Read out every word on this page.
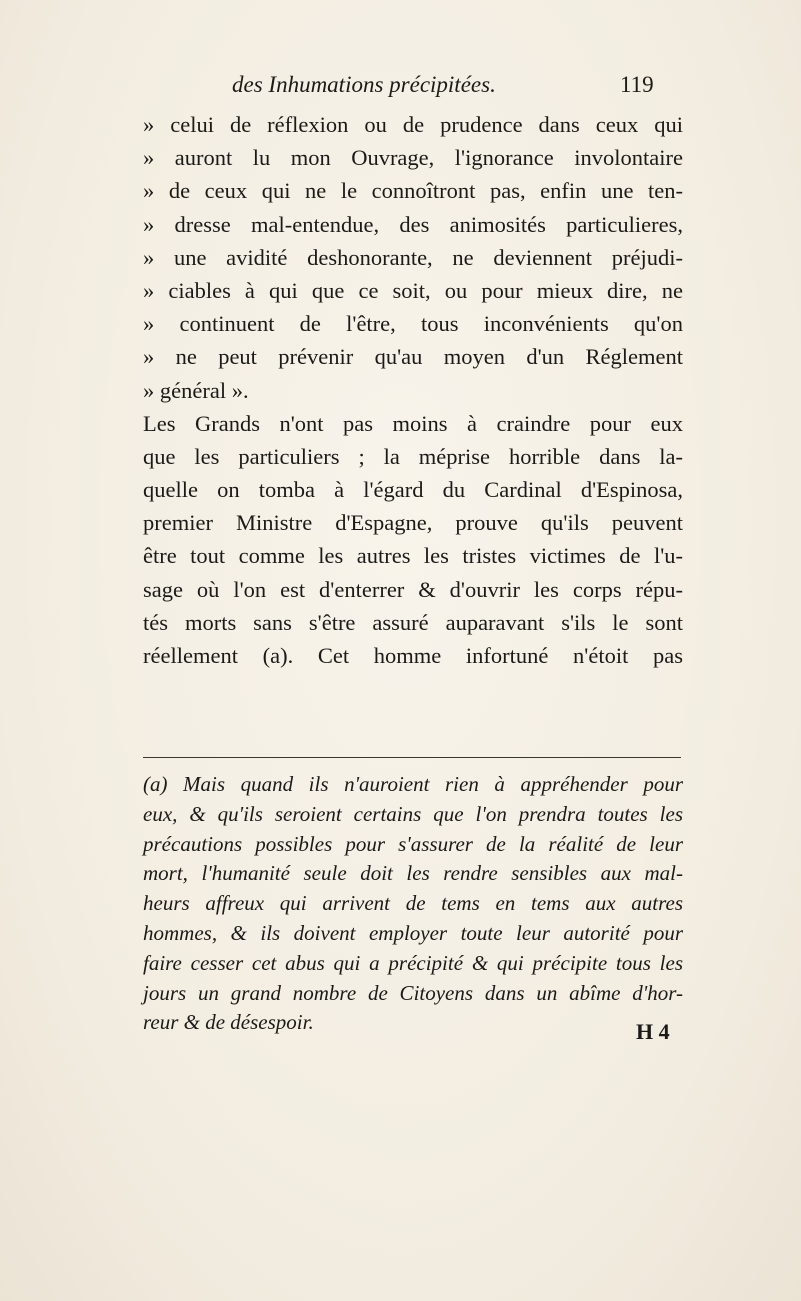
des Inhumations précipitées.	119
» celui de réflexion ou de prudence dans ceux qui
» auront lu mon Ouvrage, l'ignorance involontaire
» de ceux qui ne le connoîtront pas, enfin une ten-
» dresse mal-entendue, des animosités particulieres,
» une avidité deshonorante, ne deviennent préjudi-
» ciables à qui que ce soit, ou pour mieux dire, ne
» continuent de l'être, tous inconvénients qu'on
» ne peut prévenir qu'au moyen d'un Réglement
» général ».
Les Grands n'ont pas moins à craindre pour eux
que les particuliers ; la méprise horrible dans la-
quelle on tomba à l'égard du Cardinal d'Espinosa,
premier Ministre d'Espagne, prouve qu'ils peuvent
être tout comme les autres les tristes victimes de l'u-
sage où l'on est d'enterrer & d'ouvrir les corps répu-
tés morts sans s'être assuré auparavant s'ils le sont
réellement (a). Cet homme infortuné n'étoit pas
(a) Mais quand ils n'auroient rien à appréhender pour
eux, & qu'ils seroient certains que l'on prendra toutes les
précautions possibles pour s'assurer de la réalité de leur
mort, l'humanité seule doit les rendre sensibles aux mal-
heurs affreux qui arrivent de tems en tems aux autres
hommes, & ils doivent employer toute leur autorité pour
faire cesser cet abus qui a précipité & qui précipite tous les
jours un grand nombre de Citoyens dans un abîme d'hor-
reur & de désespoir.	H 4
